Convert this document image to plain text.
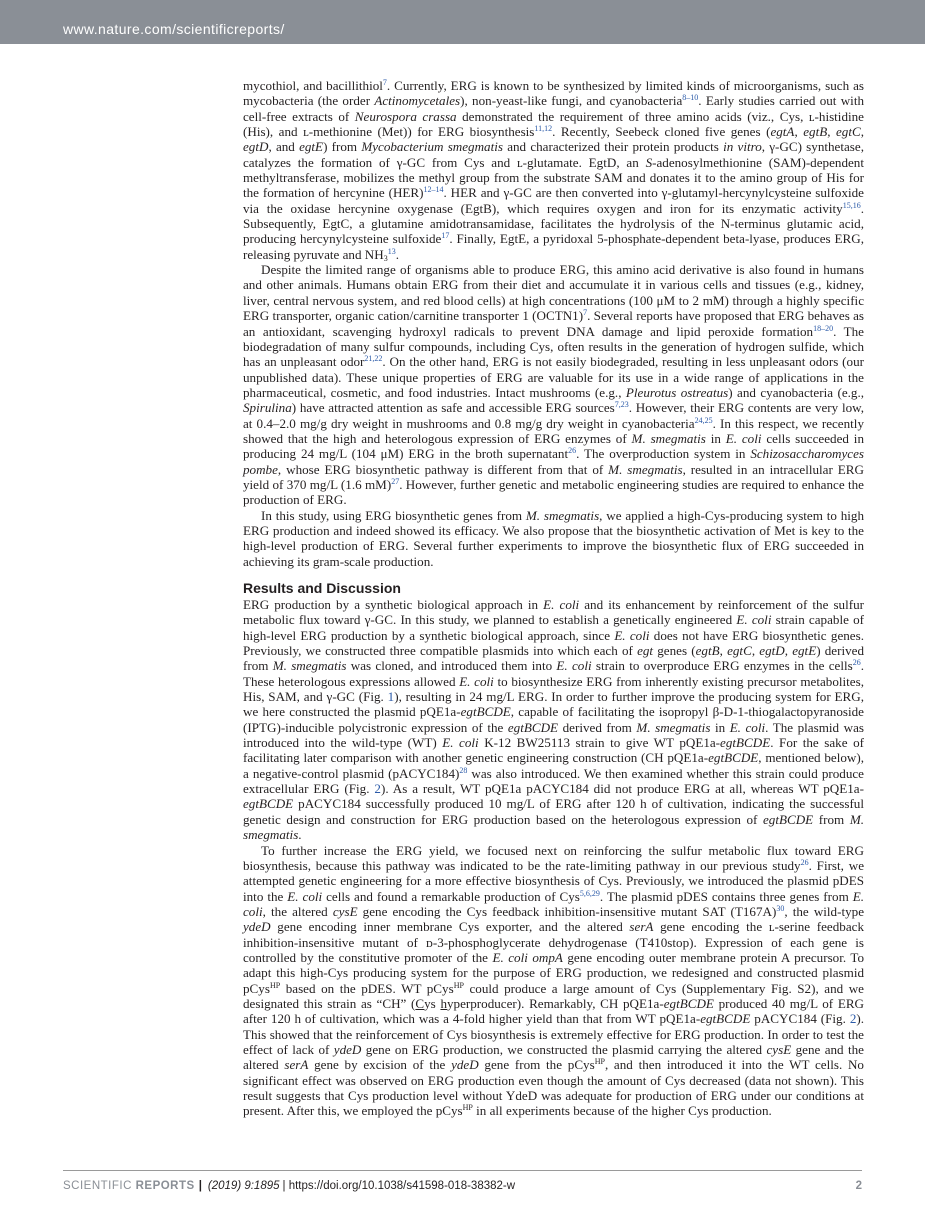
www.nature.com/scientificreports/

mycothiol, and bacillithiol$^7$. Currently, ERG is known to be synthesized by limited kinds of microorganisms, such as mycobacteria (the order Actinomycetales), non-yeast-like fungi, and cyanobacteria$^{8-10}$. Early studies carried out with cell-free extracts of Neurospora crassa demonstrated the requirement of three amino acids (viz., Cys, ʟ-histidine (His), and ʟ-methionine (Met)) for ERG biosynthesis$^{11,12}$. Recently, Seebeck cloned five genes (egtA, egtB, egtC, egtD, and egtE) from Mycobacterium smegmatis and characterized their protein products in vitro, γ-GC) synthetase, catalyzes the formation of γ-GC from Cys and ʟ-glutamate. EgtD, an S-adenosylmethionine (SAM)-dependent methyltransferase, mobilizes the methyl group from the substrate SAM and donates it to the amino group of His for the formation of hercynine (HER)$^{12-14}$. HER and γ-GC are then converted into γ-glutamyl-hercynylcysteine sulfoxide via the oxidase hercynine oxygenase (EgtB), which requires oxygen and iron for its enzymatic activity$^{15,16}$. Subsequently, EgtC, a glutamine amidotransamidase, facilitates the hydrolysis of the N-terminus glutamic acid, producing hercynylcysteine sulfoxide$^{17}$. Finally, EgtE, a pyridoxal 5-phosphate-dependent beta-lyase, produces ERG, releasing pyruvate and $NH_3^{13}$.

Despite the limited range of organisms able to produce ERG, this amino acid derivative is also found in humans and other animals. Humans obtain ERG from their diet and accumulate it in various cells and tissues (e.g., kidney, liver, central nervous system, and red blood cells) at high concentrations (100 μM to 2 mM) through a highly specific ERG transporter, organic cation/carnitine transporter 1 (OCTN1)$^7$. Several reports have proposed that ERG behaves as an antioxidant, scavenging hydroxyl radicals to prevent DNA damage and lipid peroxide formation$^{18-20}$. The biodegradation of many sulfur compounds, including Cys, often results in the generation of hydrogen sulfide, which has an unpleasant odor$^{21,22}$. On the other hand, ERG is not easily biodegraded, resulting in less unpleasant odors (our unpublished data). These unique properties of ERG are valuable for its use in a wide range of applications in the pharmaceutical, cosmetic, and food industries. Intact mushrooms (e.g., Pleurotus ostreatus) and cyanobacteria (e.g., Spirulina) have attracted attention as safe and accessible ERG sources$^{7,23}$. However, their ERG contents are very low, at 0.4–2.0 mg/g dry weight in mushrooms and 0.8 mg/g dry weight in cyanobacteria$^{24,25}$. In this respect, we recently showed that the high and heterologous expression of ERG enzymes of M. smegmatis in E. coli cells succeeded in producing 24 mg/L (104 μM) ERG in the broth supernatant$^{26}$. The overproduction system in Schizosaccharomyces pombe, whose ERG biosynthetic pathway is different from that of M. smegmatis, resulted in an intracellular ERG yield of 370 mg/L (1.6 mM)$^{27}$. However, further genetic and metabolic engineering studies are required to enhance the production of ERG.

In this study, using ERG biosynthetic genes from M. smegmatis, we applied a high-Cys-producing system to high ERG production and indeed showed its efficacy. We also propose that the biosynthetic activation of Met is key to the high-level production of ERG. Several further experiments to improve the biosynthetic flux of ERG succeeded in achieving its gram-scale production.

Results and Discussion

ERG production by a synthetic biological approach in E. coli and its enhancement by reinforcement of the sulfur metabolic flux toward γ-GC. In this study, we planned to establish a genetically engineered E. coli strain capable of high-level ERG production by a synthetic biological approach, since E. coli does not have ERG biosynthetic genes. Previously, we constructed three compatible plasmids into which each of egt genes (egtB, egtC, egtD, egtE) derived from M. smegmatis was cloned, and introduced them into E. coli strain to overproduce ERG enzymes in the cells$^{26}$. These heterologous expressions allowed E. coli to biosynthesize ERG from inherently existing precursor metabolites, His, SAM, and γ-GC (Fig. 1), resulting in 24 mg/L ERG. In order to further improve the producing system for ERG, we here constructed the plasmid pQE1a-egtBCDE, capable of facilitating the isopropyl β-D-1-thiogalactopyranoside (IPTG)-inducible polycistronic expression of the egtBCDE derived from M. smegmatis in E. coli. The plasmid was introduced into the wild-type (WT) E. coli K-12 BW25113 strain to give WT pQE1a-egtBCDE. For the sake of facilitating later comparison with another genetic engineering construction (CH pQE1a-egtBCDE, mentioned below), a negative-control plasmid (pACYC184)$^{28}$ was also introduced. We then examined whether this strain could produce extracellular ERG (Fig. 2). As a result, WT pQE1a pACYC184 did not produce ERG at all, whereas WT pQE1a-egtBCDE pACYC184 successfully produced 10 mg/L of ERG after 120 h of cultivation, indicating the successful genetic design and construction for ERG production based on the heterologous expression of egtBCDE from M. smegmatis.

To further increase the ERG yield, we focused next on reinforcing the sulfur metabolic flux toward ERG biosynthesis, because this pathway was indicated to be the rate-limiting pathway in our previous study$^{26}$. First, we attempted genetic engineering for a more effective biosynthesis of Cys. Previously, we introduced the plasmid pDES into the E. coli cells and found a remarkable production of Cys$^{5,6,29}$. The plasmid pDES contains three genes from E. coli, the altered cysE gene encoding the Cys feedback inhibition-insensitive mutant SAT (T167A)$^{30}$, the wild-type ydeD gene encoding inner membrane Cys exporter, and the altered serA gene encoding the ʟ-serine feedback inhibition-insensitive mutant of ᴅ-3-phosphoglycerate dehydrogenase (T410stop). Expression of each gene is controlled by the constitutive promoter of the E. coli ompA gene encoding outer membrane protein A precursor. To adapt this high-Cys producing system for the purpose of ERG production, we redesigned and constructed plasmid pCys$^{HP}$ based on the pDES. WT pCys$^{HP}$ could produce a large amount of Cys (Supplementary Fig. S2), and we designated this strain as “CH” (Cys hyperproducer). Remarkably, CH pQE1a-egtBCDE produced 40 mg/L of ERG after 120 h of cultivation, which was a 4-fold higher yield than that from WT pQE1a-egtBCDE pACYC184 (Fig. 2). This showed that the reinforcement of Cys biosynthesis is extremely effective for ERG production. In order to test the effect of lack of ydeD gene on ERG production, we constructed the plasmid carrying the altered cysE gene and the altered serA gene by excision of the ydeD gene from the pCys$^{HP}$, and then introduced it into the WT cells. No significant effect was observed on ERG production even though the amount of Cys decreased (data not shown). This result suggests that Cys production level without YdeD was adequate for production of ERG under our conditions at present. After this, we employed the pCys$^{HP}$ in all experiments because of the higher Cys production.

SCIENTIFIC REPORTS | (2019) 9:1895 | https://doi.org/10.1038/s41598-018-38382-w	2
